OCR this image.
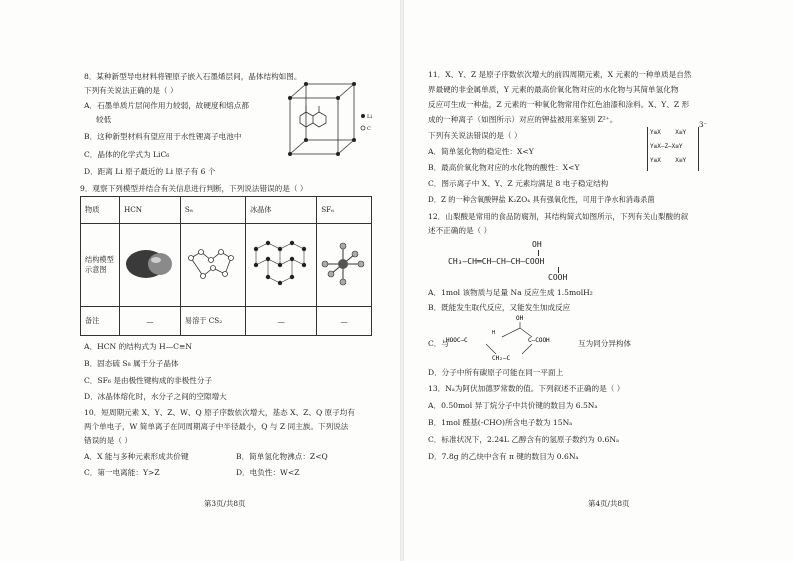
8．某种新型导电材料将锂原子嵌入石墨烯层间，晶体结构如图。
下列有关说法正确的是（ ）
A．石墨单质片层间作用力较弱，故硬度和熔点都
较低
B．这种新型材料有望应用于水性锂离子电池中
C．晶体的化学式为 LiC₆
D．距离 Li 原子最近的 Li 原子有 6 个
Li
C
9．观察下列模型并结合有关信息进行判断，下列说法错误的是（ ）
物质	HCN	S₈	冰晶体	SF₆

结构模型
示意图

备注	—	易溶于 CS₂	—	—
A．HCN 的结构式为 H—C≡N
B．固态硫 S₈ 属于分子晶体
C．SF₆ 是由极性键构成的非极性分子
D．冰晶体熔化时，水分子之间的空隙增大
10．短周期元素 X、Y、Z、W、Q 原子序数依次增大，基态 X、Z、Q 原子均有
两个单电子，W 简单离子在同周期离子中半径最小，Q 与 Z 同主族。下列说法
错误的是（ ）
A．X 能与多种元素形成共价键	B．简单氢化物沸点：Z<Q
C．第一电离能：Y>Z	D．电负性：W<Z
第3页/共8页
11．X、Y、Z 是原子序数依次增大的前四周期元素，X 元素的一种单质是自然
界最硬的非金属单质，Y 元素的最高价氧化物对应的水化物与其简单氢化物
反应可生成一种盐，Z 元素的一种氧化物常用作红色油漆和涂料。X、Y、Z 形
成的一种离子（如图所示）对应的钾盐被用来鉴别 Z²⁺。
下列有关说法错误的是（ ）	Y≡X    X≡Y
Y≡X—Z—X≡Y
Y≡X    X≡Y
3⁻
A．简单氢化物的稳定性：X<Y
B．最高价氧化物对应的水化物的酸性：X<Y
C．图示离子中 X、Y、Z 元素均满足 8 电子稳定结构
D．Z 的一种含氧酸钾盐 K₂ZO₄ 具有强氧化性，可用于净水和消毒杀菌
12．山梨酸是常用的食品防腐剂，其结构简式如图所示，下列有关山梨酸的叙
述不正确的是（ ）
OH
CH₃—CH═CH—CH—CH—COOH
COOH
A．1mol 该物质与足量 Na 反应生成 1.5molH₂
B．既能发生取代反应，又能发生加成反应
C．与
OH
HOOC—C	C—COOH
CH₂—C
H
互为同分异构体
D．分子中所有碳原子可能在同一平面上
13．Nₐ为阿伏加德罗常数的值。下列叙述不正确的是（ ）
A．0.50mol 异丁烷分子中共价键的数目为 6.5Nₐ
B．1mol 醛基(-CHO)所含电子数为 15Nₐ
C．标准状况下，2.24L 乙醇含有的氢原子数约为 0.6Nₐ
D．7.8g 的乙炔中含有 π 键的数目为 0.6Nₐ
第4页/共8页
